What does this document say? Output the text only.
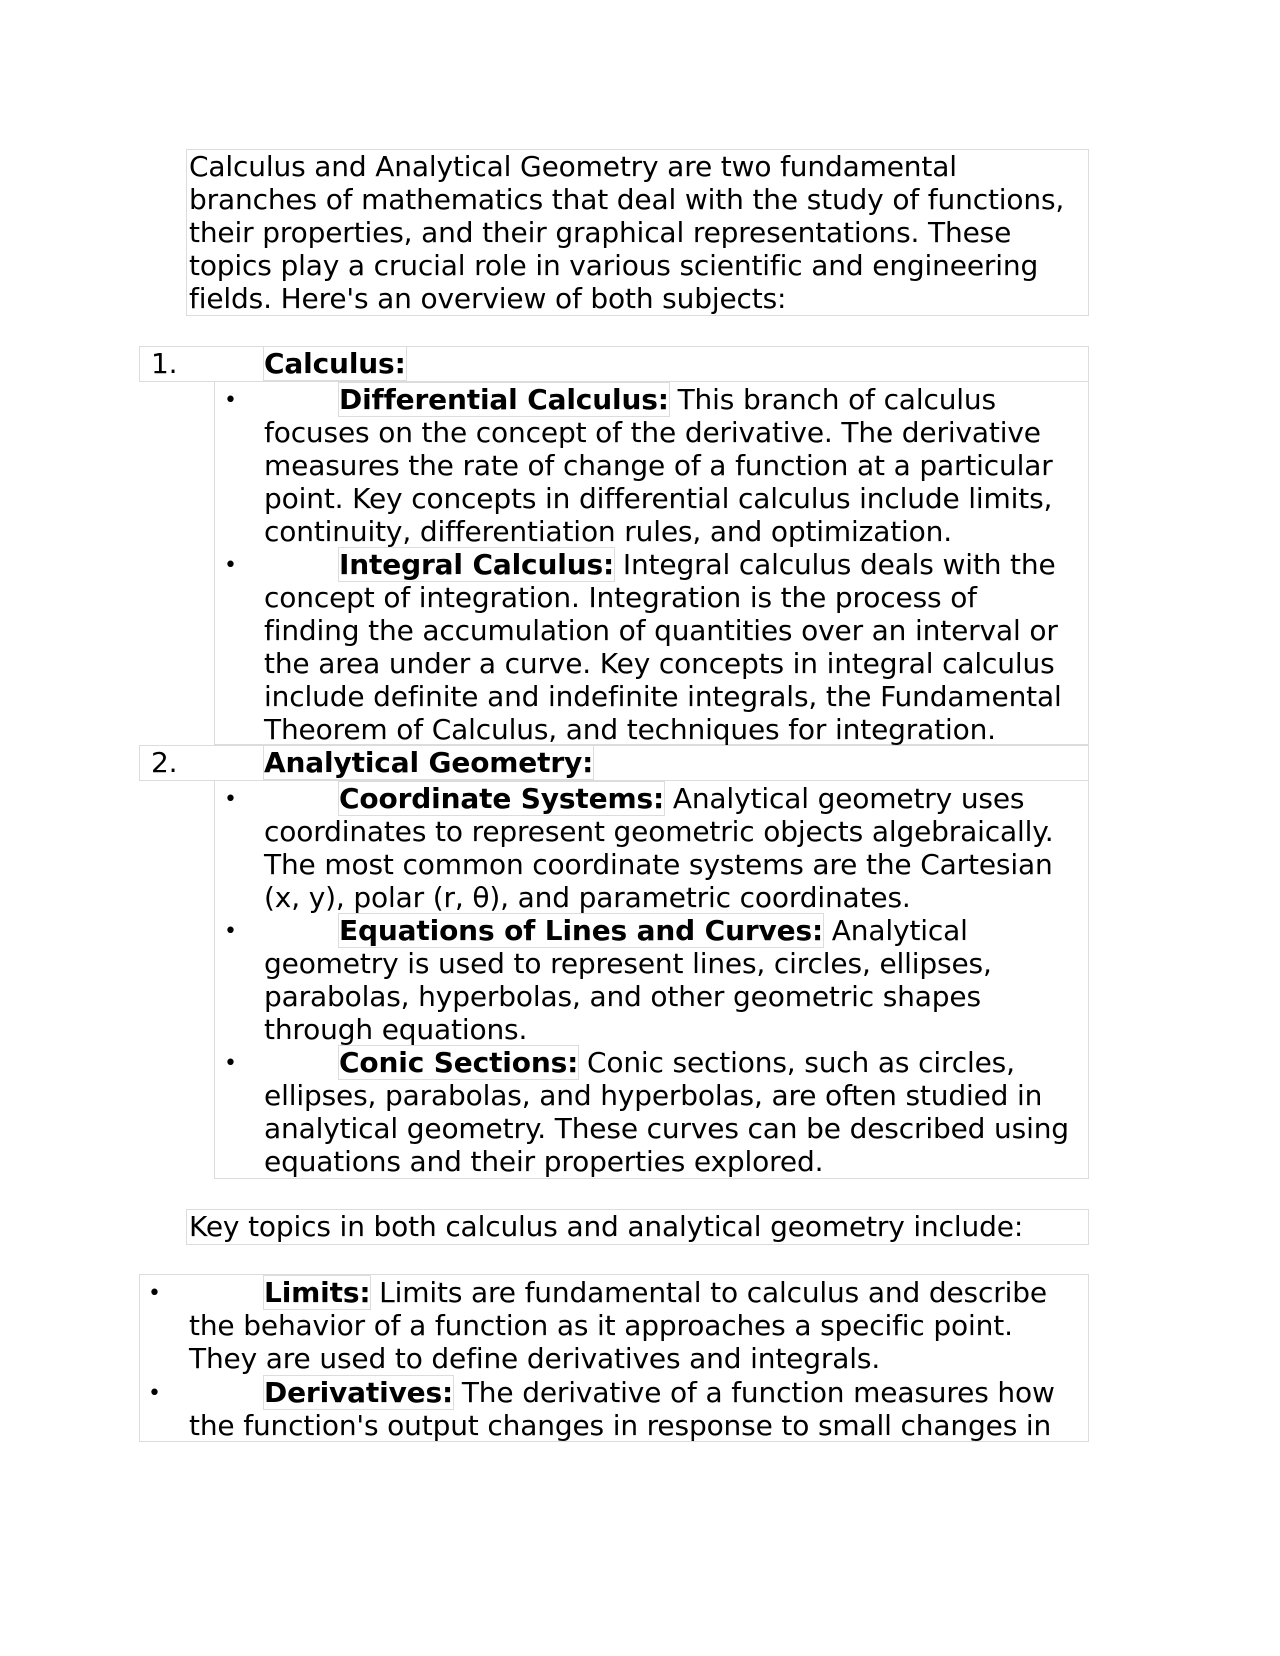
Calculus and Analytical Geometry are two fundamental

branches of mathematics that deal with the study of functions,

their properties, and their graphical representations. These

topics play a crucial role in various scientific and engineering

fields. Here's an overview of both subjects:

1.	Calculus:
•	Differential Calculus: This branch of calculus

focuses on the concept of the derivative. The derivative

measures the rate of change of a function at a particular

point. Key concepts in differential calculus include limits,

continuity, differentiation rules, and optimization.

•	Integral Calculus: Integral calculus deals with the

concept of integration. Integration is the process of

finding the accumulation of quantities over an interval or

the area under a curve. Key concepts in integral calculus

include definite and indefinite integrals, the Fundamental

Theorem of Calculus, and techniques for integration.

2.	Analytical Geometry:
•	Coordinate Systems: Analytical geometry uses

coordinates to represent geometric objects algebraically.

The most common coordinate systems are the Cartesian

(x, y), polar (r, θ), and parametric coordinates.

•	Equations of Lines and Curves: Analytical

geometry is used to represent lines, circles, ellipses,

parabolas, hyperbolas, and other geometric shapes

through equations.

•	Conic Sections: Conic sections, such as circles,

ellipses, parabolas, and hyperbolas, are often studied in

analytical geometry. These curves can be described using

equations and their properties explored.

Key topics in both calculus and analytical geometry include:

•	Limits: Limits are fundamental to calculus and describe

the behavior of a function as it approaches a specific point.

They are used to define derivatives and integrals.

•	Derivatives: The derivative of a function measures how

the function's output changes in response to small changes in
